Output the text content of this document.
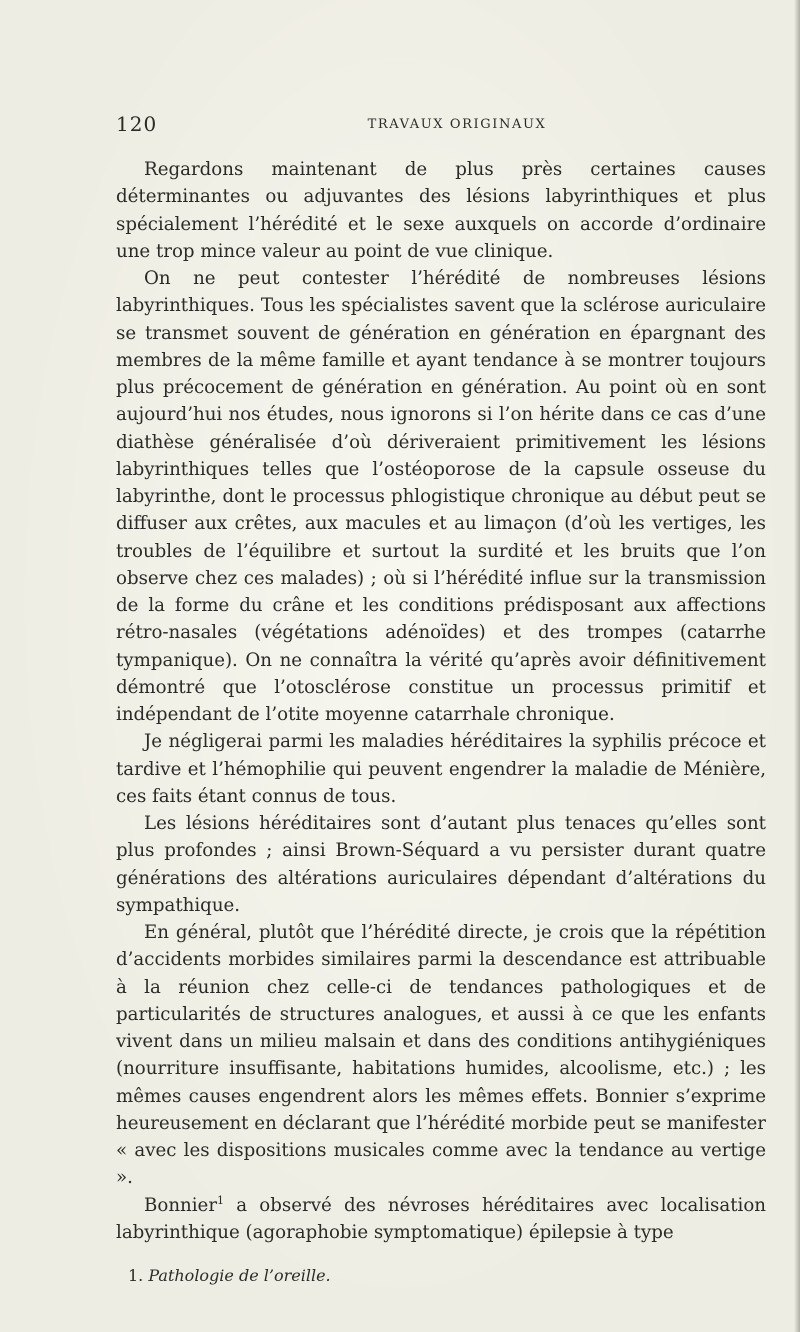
120	TRAVAUX ORIGINAUX

Regardons maintenant de plus près certaines causes déterminantes ou adjuvantes des lésions labyrinthiques et plus spécialement l’hérédité et le sexe auxquels on accorde d’ordinaire une trop mince valeur au point de vue clinique.

On ne peut contester l’hérédité de nombreuses lésions labyrinthiques. Tous les spécialistes savent que la sclérose auriculaire se transmet souvent de génération en génération en épargnant des membres de la même famille et ayant tendance à se montrer toujours plus précocement de génération en génération. Au point où en sont aujourd’hui nos études, nous ignorons si l’on hérite dans ce cas d’une diathèse généralisée d’où dériveraient primitivement les lésions labyrinthiques telles que l’ostéoporose de la capsule osseuse du labyrinthe, dont le processus phlogistique chronique au début peut se diffuser aux crêtes, aux macules et au limaçon (d’où les vertiges, les troubles de l’équilibre et surtout la surdité et les bruits que l’on observe chez ces malades) ; où si l’hérédité influe sur la transmission de la forme du crâne et les conditions prédisposant aux affections rétro-nasales (végétations adénoïdes) et des trompes (catarrhe tympanique). On ne connaîtra la vérité qu’après avoir définitivement démontré que l’otosclérose constitue un processus primitif et indépendant de l’otite moyenne catarrhale chronique.

Je négligerai parmi les maladies héréditaires la syphilis précoce et tardive et l’hémophilie qui peuvent engendrer la maladie de Ménière, ces faits étant connus de tous.

Les lésions héréditaires sont d’autant plus tenaces qu’elles sont plus profondes ; ainsi Brown-Séquard a vu persister durant quatre générations des altérations auriculaires dépendant d’altérations du sympathique.

En général, plutôt que l’hérédité directe, je crois que la répétition d’accidents morbides similaires parmi la descendance est attribuable à la réunion chez celle-ci de tendances pathologiques et de particularités de structures analogues, et aussi à ce que les enfants vivent dans un milieu malsain et dans des conditions antihygiéniques (nourriture insuffisante, habitations humides, alcoolisme, etc.) ; les mêmes causes engendrent alors les mêmes effets. Bonnier s’exprime heureusement en déclarant que l’hérédité morbide peut se manifester « avec les dispositions musicales comme avec la tendance au vertige ».

Bonnier$^1$ a observé des névroses héréditaires avec localisation labyrinthique (agoraphobie symptomatique) épilepsie à type

1. Pathologie de l’oreille.
